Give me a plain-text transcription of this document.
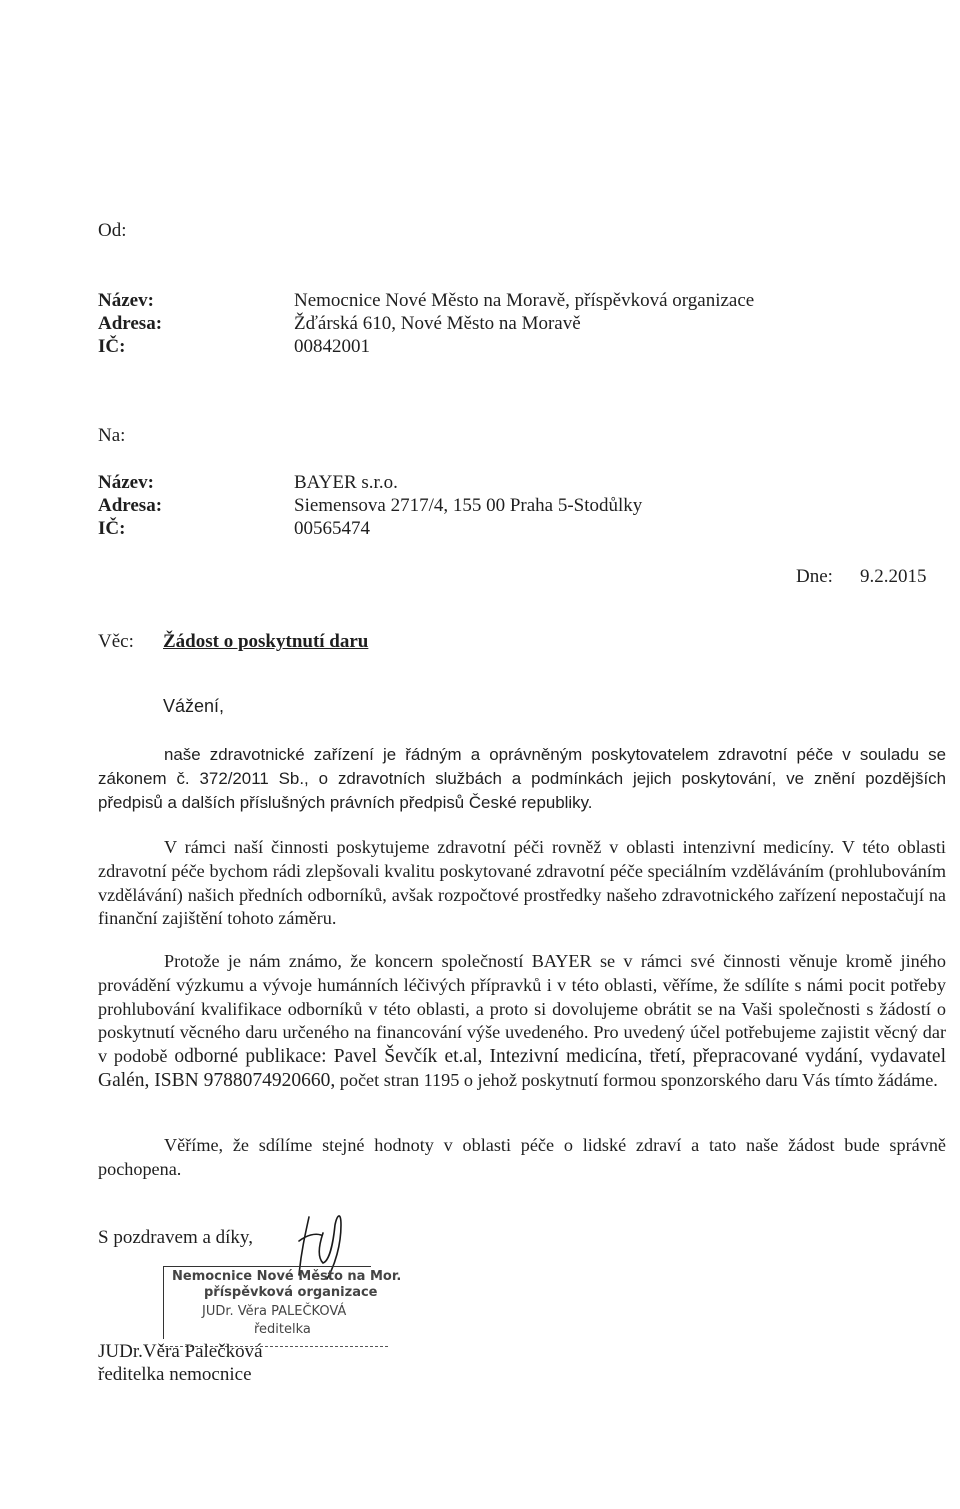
Od:
Název:	Nemocnice Nové Město na Moravě, příspěvková organizace
Adresa:	Žďárská 610, Nové Město na Moravě
IČ:	00842001
Na:
Název:	BAYER s.r.o.
Adresa:	Siemensova 2717/4, 155 00 Praha 5-Stodůlky
IČ:	00565474
Dne: 9.2.2015
Věc: Žádost o poskytnutí daru
Vážení,

naše zdravotnické zařízení je řádným a oprávněným poskytovatelem zdravotní péče v souladu se zákonem č. 372/2011 Sb., o zdravotních službách a podmínkách jejich poskytování, ve znění pozdějších předpisů a dalších příslušných právních předpisů České republiky.

V rámci naší činnosti poskytujeme zdravotní péči rovněž v oblasti intenzivní medicíny. V této oblasti zdravotní péče bychom rádi zlepšovali kvalitu poskytované zdravotní péče speciálním vzděláváním (prohlubováním vzdělávání) našich předních odborníků, avšak rozpočtové prostředky našeho zdravotnického zařízení nepostačují na finanční zajištění tohoto záměru.

Protože je nám známo, že koncern společností BAYER se v rámci své činnosti věnuje kromě jiného provádění výzkumu a vývoje humánních léčivých přípravků i v této oblasti, věříme, že sdílíte s námi pocit potřeby prohlubování kvalifikace odborníků v této oblasti, a proto si dovolujeme obrátit se na Vaši společnosti s žádostí o poskytnutí věcného daru určeného na financování výše uvedeného. Pro uvedený účel potřebujeme zajistit věcný dar v podobě odborné publikace: Pavel Ševčík et.al, Intezivní medicína, třetí, přepracované vydání, vydavatel Galén, ISBN 9788074920660, počet stran 1195 o jehož poskytnutí formou sponzorského daru Vás tímto žádáme.

Věříme, že sdílíme stejné hodnoty v oblasti péče o lidské zdraví a tato naše žádost bude správně pochopena.

S pozdravem a díky,
Nemocnice Nové Město na Mor.
příspěvková organizace
JUDr. Věra PALEČKOVÁ
ředitelka
JUDr.Věra Palečková
ředitelka nemocnice
